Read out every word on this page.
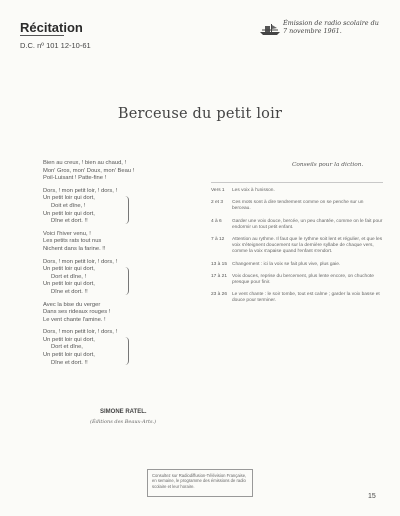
Récitation
D.C. nº 101 12-10-61
Émission de radio scolaire du 7 novembre 1961.
Berceuse du petit loir
Bien au creux, ! bien au chaud, !
Mon' Gros, mon' Doux, mon' Beau !
Poil-Luisant ! Patte-fine !
Dors, ! mon petit loir, ! dors, !
Un petit loir qui dort,
Doit et dîne, !
Un petit loir qui dort,
Dîne et dort. !!
Voici l'hiver venu, !
Les petits rats tout nus
Nichent dans la farine. !!
Dors, ! mon petit loir, ! dors, !
Un petit loir qui dort,
Dort et dîne, !
Un petit loir qui dort,
Dîne et dort. !!
Avec la bise du verger
Dans ses rideaux rouges !
Le vent chante l'amine. !
Dors, ! mon petit loir, ! dors, !
Un petit loir qui dort,
Dort et dîne,
Un petit loir qui dort,
Dîne et dort. !!
SIMONE RATEL.
(Éditions des Beaux-Arts.)
Conseils pour la diction.
Vers 1	Les voix à l'unisson.
2 et 3	Ces mots sont à dire tendrement comme on se penche sur un berceau.
4 à 6	Garder une voix douce, bercée, un peu chantée, comme on le fait pour endormir un tout petit enfant.
7 à 12	Attention au rythme. Il faut que le rythme soit lent et régulier, et que les voix s'éteignent doucement sur la dernière syllabe de chaque vers, comme la voix s'apaise quand l'enfant s'endort.
13 à 15	Changement : ici la voix se fait plus vive, plus gaie.
17 à 21	Voix douces, reprise du bercement, plus lente encore, on chuchote presque pour finir.
23 à 26	Le vent chante : le soir tombe, tout est calme ; garder la voix basse et douce pour terminer.
Consultez sur Radiodiffusion-Télévision Française, en semaine, le programme des émissions de radio scolaire et leur horaire.
15
